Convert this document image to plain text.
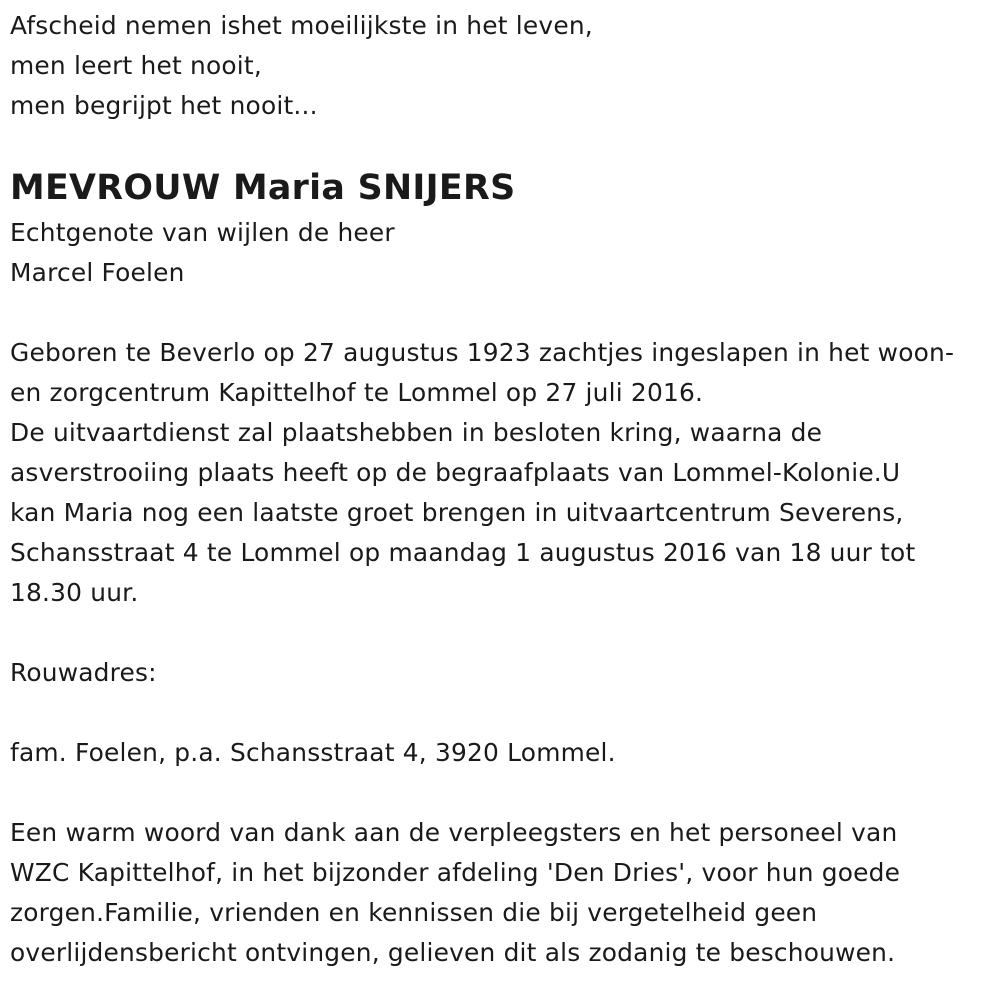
Afscheid nemen ishet moeilijkste in het leven,
men leert het nooit,
men begrijpt het nooit...
MEVROUW Maria SNIJERS
Echtgenote van wijlen de heer
Marcel Foelen
Geboren te Beverlo op 27 augustus 1923 zachtjes ingeslapen in het woon-
en zorgcentrum Kapittelhof te Lommel op 27 juli 2016.
De uitvaartdienst zal plaatshebben in besloten kring, waarna de
asverstrooiing plaats heeft op de begraafplaats van Lommel-Kolonie.U
kan Maria nog een laatste groet brengen in uitvaartcentrum Severens,
Schansstraat 4 te Lommel op maandag 1 augustus 2016 van 18 uur tot
18.30 uur.
Rouwadres:
fam. Foelen, p.a. Schansstraat 4, 3920 Lommel.
Een warm woord van dank aan de verpleegsters en het personeel van
WZC Kapittelhof, in het bijzonder afdeling 'Den Dries', voor hun goede
zorgen.Familie, vrienden en kennissen die bij vergetelheid geen
overlijdensbericht ontvingen, gelieven dit als zodanig te beschouwen.
